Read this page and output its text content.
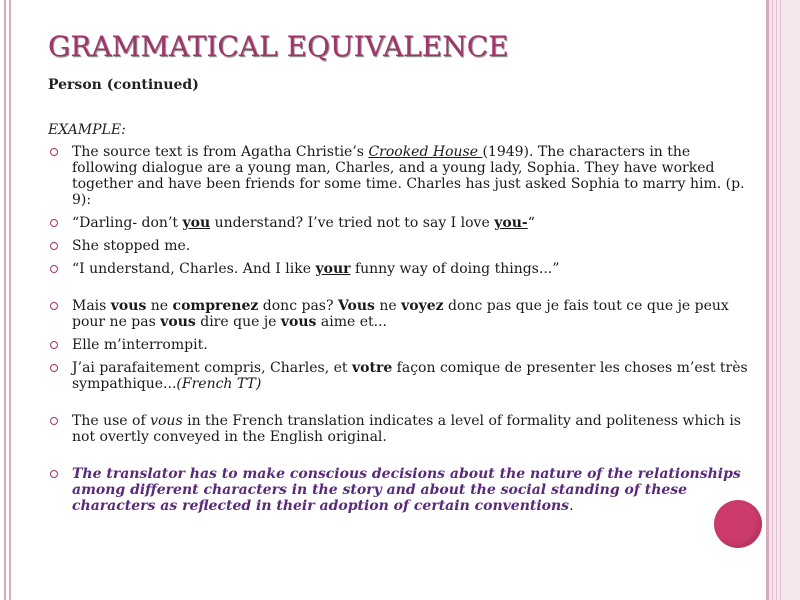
GRAMMATICAL EQUIVALENCE
Person (continued)
EXAMPLE:
The source text is from Agatha Christie’s Crooked House (1949). The characters in the following dialogue are a young man, Charles, and a young lady, Sophia. They have worked together and have been friends for some time. Charles has just asked Sophia to marry him. (p. 9):
“Darling- don’t you understand? I’ve tried not to say I love you-“
She stopped me.
“I understand, Charles. And I like your funny way of doing things...”
Mais vous ne comprenez donc pas? Vous ne voyez donc pas que je fais tout ce que je peux pour ne pas vous dire que je vous aime et...
Elle m’interrompit.
J’ai parafaitement compris, Charles, et votre façon comique de presenter les choses m’est très sympathique...(French TT)
The use of vous in the French translation indicates a level of formality and politeness which is not overtly conveyed in the English original.
The translator has to make conscious decisions about the nature of the relationships among different characters in the story and about the social standing of these characters as reflected in their adoption of certain conventions.
